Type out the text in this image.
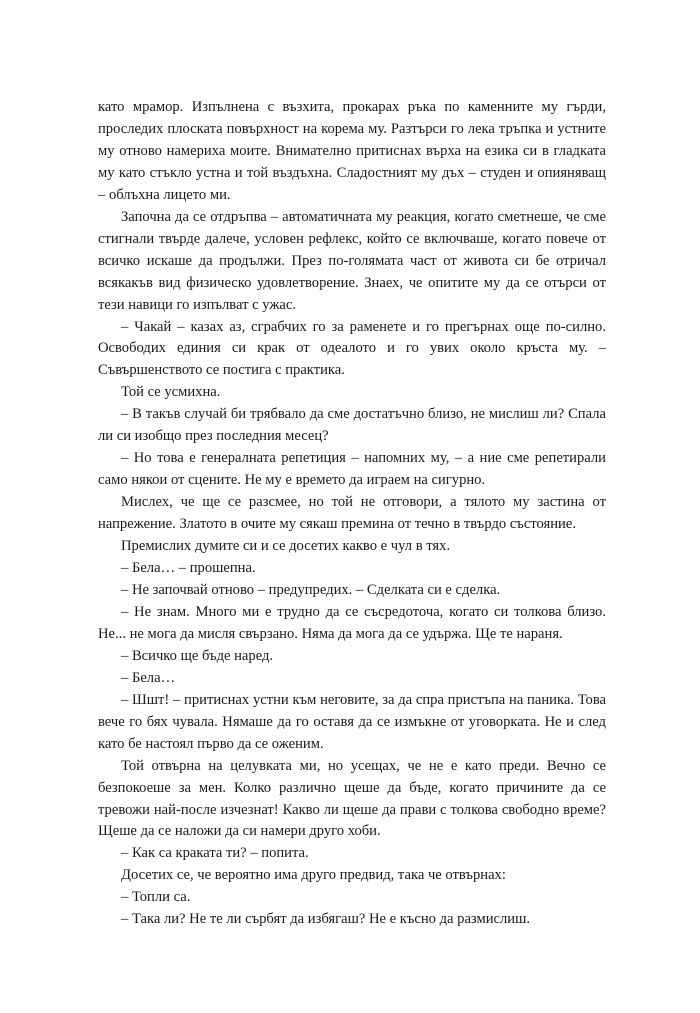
като мрамор. Изпълнена с възхита, прокарах ръка по каменните му гърди, проследих плоската повърхност на корема му. Разтърси го лека тръпка и устните му отново намериха моите. Внимателно притиснах върха на езика си в гладката му като стъкло устна и той въздъхна. Сладостният му дъх – студен и опияняващ – облъхна лицето ми.

Започна да се отдръпва – автоматичната му реакция, когато сметнеше, че сме стигнали твърде далече, условен рефлекс, който се включваше, когато повече от всичко искаше да продължи. През по-голямата част от живота си бе отричал всякакъв вид физическо удовлетворение. Знаех, че опитите му да се отърси от тези навици го изпълват с ужас.

– Чакай – казах аз, сграбчих го за раменете и го прегърнах още по-силно. Освободих единия си крак от одеалото и го увих около кръста му. – Съвършенството се постига с практика.

Той се усмихна.

– В такъв случай би трябвало да сме достатъчно близо, не мислиш ли? Спала ли си изобщо през последния месец?

– Но това е генералната репетиция – напомних му, – а ние сме репетирали само някои от сцените. Не му е времето да играем на сигурно.

Мислех, че ще се разсмее, но той не отговори, а тялото му застина от напрежение. Златото в очите му сякаш премина от течно в твърдо състояние.

Премислих думите си и се досетих какво е чул в тях.

– Бела… – прошепна.

– Не започвай отново – предупредих. – Сделката си е сделка.

– Не знам. Много ми е трудно да се съсредоточа, когато си толкова близо. Не... не мога да мисля свързано. Няма да мога да се удържа. Ще те нараня.

– Всичко ще бъде наред.

– Бела…

– Шшт! – притиснах устни към неговите, за да спра пристъпа на паника. Това вече го бях чувала. Нямаше да го оставя да се измъкне от уговорката. Не и след като бе настоял първо да се оженим.

Той отвърна на целувката ми, но усещах, че не е като преди. Вечно се безпокоеше за мен. Колко различно щеше да бъде, когато причините да се тревожи най-после изчезнат! Какво ли щеше да прави с толкова свободно време? Щеше да се наложи да си намери друго хоби.

– Как са краката ти? – попита.

Досетих се, че вероятно има друго предвид, така че отвърнах:

– Топли са.

– Така ли? Не те ли сърбят да избягаш? Не е късно да размислиш.
